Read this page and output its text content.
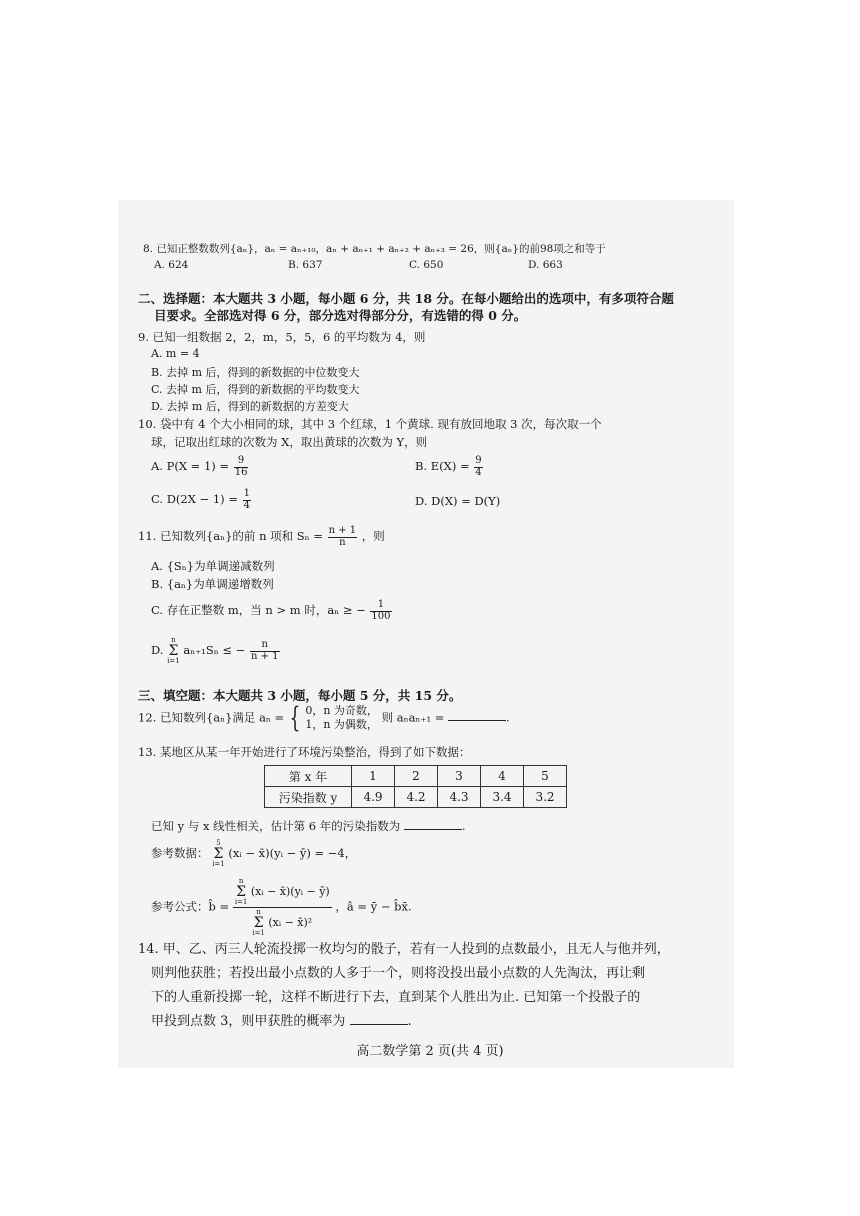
8. 已知正整数数列{aₙ}，aₙ = aₙ₊₁₀，aₙ + aₙ₊₁ + aₙ₊₂ + aₙ₊₃ = 26，则{aₙ}的前98项之和等于
A. 624	B. 637	C. 650	D. 663
二、选择题：本大题共 3 小题，每小题 6 分，共 18 分。在每小题给出的选项中，有多项符合题
目要求。全部选对得 6 分，部分选对得部分分，有选错的得 0 分。
9. 已知一组数据 2，2，m，5，5，6 的平均数为 4，则
A. m = 4
B. 去掉 m 后，得到的新数据的中位数变大
C. 去掉 m 后，得到的新数据的平均数变大
D. 去掉 m 后，得到的新数据的方差变大
10. 袋中有 4 个大小相同的球，其中 3 个红球，1 个黄球. 现有放回地取 3 次，每次取一个
球，记取出红球的次数为 X，取出黄球的次数为 Y，则
A. $P(X = 1) = \frac{9}{16}$	B. $E(X) = \frac{9}{4}$
C. $D(2X - 1) = \frac{1}{4}$	D. D(X) = D(Y)
11. 已知数列{aₙ}的前 n 项和 $S_n = \frac{n + 1}{n}$ ，则
A. {Sₙ}为单调递减数列
B. {aₙ}为单调递增数列
C. 存在正整数 m，当 n > m 时，aₙ ≥ − $\frac{1}{100}$
D. n
Σ
i=1 aₙ₊₁Sₙ ≤ − $\frac{n}{n + 1}$
三、填空题：本大题共 3 小题，每小题 5 分，共 15 分。
12. 已知数列{aₙ}满足 aₙ = { 0，n 为奇数，
1，n 为偶数，
则 aₙaₙ₊₁ =	.
13. 某地区从某一年开始进行了环境污染整治，得到了如下数据：
第 x 年	1	2	3	4	5
污染指数 y	4.9	4.2	4.3	3.4	3.2
已知 y 与 x 线性相关，估计第 6 年的污染指数为	.
参考数据： 5
Σ
i=1 (xᵢ − x̄)(yᵢ − ȳ) = −4，
参考公式：b̂ = n
Σ
i=1 (xᵢ − x̄)(yᵢ − ȳ)
n
Σ
i=1 (xᵢ − x̄)² ，â = ȳ − b̂x̄.
14. 甲、乙、丙三人轮流投掷一枚均匀的骰子，若有一人投到的点数最小，且无人与他并列，
则判他获胜；若投出最小点数的人多于一个，则将没投出最小点数的人先淘汰，再让剩
下的人重新投掷一轮，这样不断进行下去，直到某个人胜出为止. 已知第一个投骰子的
甲投到点数 3，则甲获胜的概率为	.
高二数学第 2 页(共 4 页)
